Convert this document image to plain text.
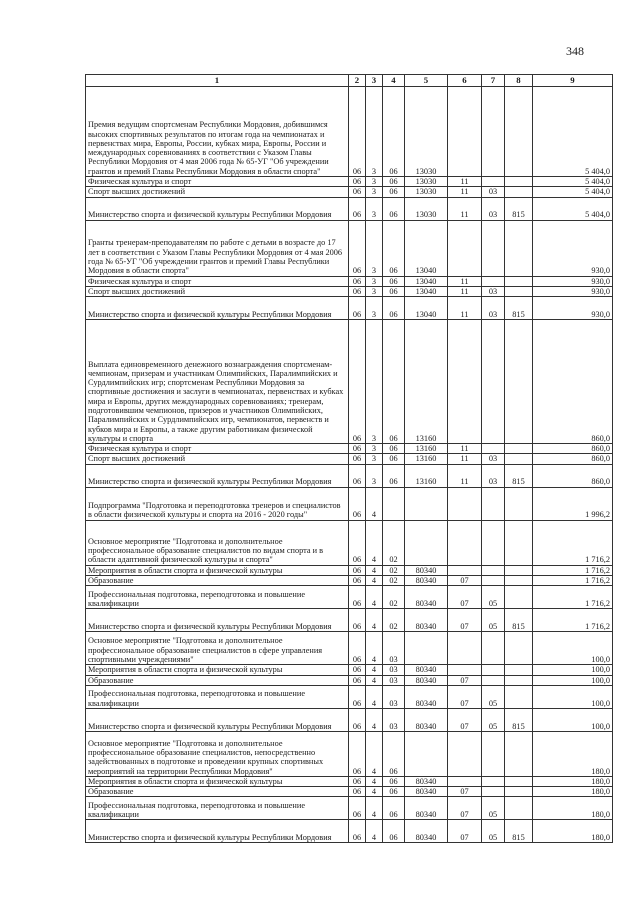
348
1	2	3	4	5	6	7	8	9
Премия ведущим спортсменам Республики Мордовия, добившимся высоких спортивных результатов по итогам года на чемпионатах и первенствах мира, Европы, России, кубках мира, Европы, России и международных соревнованиях в соответствии с Указом Главы Республики Мордовия от 4 мая 2006 года № 65-УГ "Об учреждении грантов и премий Главы Республики Мордовия в области спорта"	06	3	06	13030				5 404,0
Физическая культура и спорт	06	3	06	13030	11			5 404,0
Спорт высших достижений	06	3	06	13030	11	03		5 404,0
Министерство спорта и физической культуры Республики Мордовия	06	3	06	13030	11	03	815	5 404,0
Гранты тренерам-преподавателям по работе с детьми в возрасте до 17 лет в соответствии с Указом Главы Республики Мордовия от 4 мая 2006 года № 65-УГ "Об учреждении грантов и премий Главы Республики Мордовия в области спорта"	06	3	06	13040				930,0
Физическая культура и спорт	06	3	06	13040	11			930,0
Спорт высших достижений	06	3	06	13040	11	03		930,0
Министерство спорта и физической культуры Республики Мордовия	06	3	06	13040	11	03	815	930,0
Выплата единовременного денежного вознаграждения спортсменам-чемпионам, призерам и участникам Олимпийских, Паралимпийских и Сурдлимпийских игр; спортсменам Республики Мордовия за спортивные достижения и заслуги в чемпионатах, первенствах и кубках мира и Европы, других международных соревнованиях; тренерам, подготовившим чемпионов, призеров и участников Олимпийских, Паралимпийских и Сурдлимпийских игр, чемпионатов, первенств и кубков мира и Европы, а также другим работникам физической культуры и спорта	06	3	06	13160				860,0
Физическая культура и спорт	06	3	06	13160	11			860,0
Спорт высших достижений	06	3	06	13160	11	03		860,0
Министерство спорта и физической культуры Республики Мордовия	06	3	06	13160	11	03	815	860,0
Подпрограмма "Подготовка и переподготовка тренеров и специалистов в области физической культуры и спорта на 2016 - 2020 годы"	06	4						1 996,2
Основное мероприятие "Подготовка и дополнительное профессиональное образование специалистов по видам спорта и в области адаптивной физической культуры и спорта"	06	4	02					1 716,2
Мероприятия в области спорта и физической культуры	06	4	02	80340				1 716,2
Образование	06	4	02	80340	07			1 716,2
Профессиональная подготовка, переподготовка и повышение квалификации	06	4	02	80340	07	05		1 716,2
Министерство спорта и физической культуры Республики Мордовия	06	4	02	80340	07	05	815	1 716,2
Основное мероприятие "Подготовка и дополнительное профессиональное образование специалистов в сфере управления спортивными учреждениями"	06	4	03					100,0
Мероприятия в области спорта и физической культуры	06	4	03	80340				100,0
Образование	06	4	03	80340	07			100,0
Профессиональная подготовка, переподготовка и повышение квалификации	06	4	03	80340	07	05		100,0
Министерство спорта и физической культуры Республики Мордовия	06	4	03	80340	07	05	815	100,0
Основное мероприятие "Подготовка и дополнительное профессиональное образование специалистов, непосредственно задействованных в подготовке и проведении крупных спортивных мероприятий на территории Республики Мордовия"	06	4	06					180,0
Мероприятия в области спорта и физической культуры	06	4	06	80340				180,0
Образование	06	4	06	80340	07			180,0
Профессиональная подготовка, переподготовка и повышение квалификации	06	4	06	80340	07	05		180,0
Министерство спорта и физической культуры Республики Мордовия	06	4	06	80340	07	05	815	180,0
